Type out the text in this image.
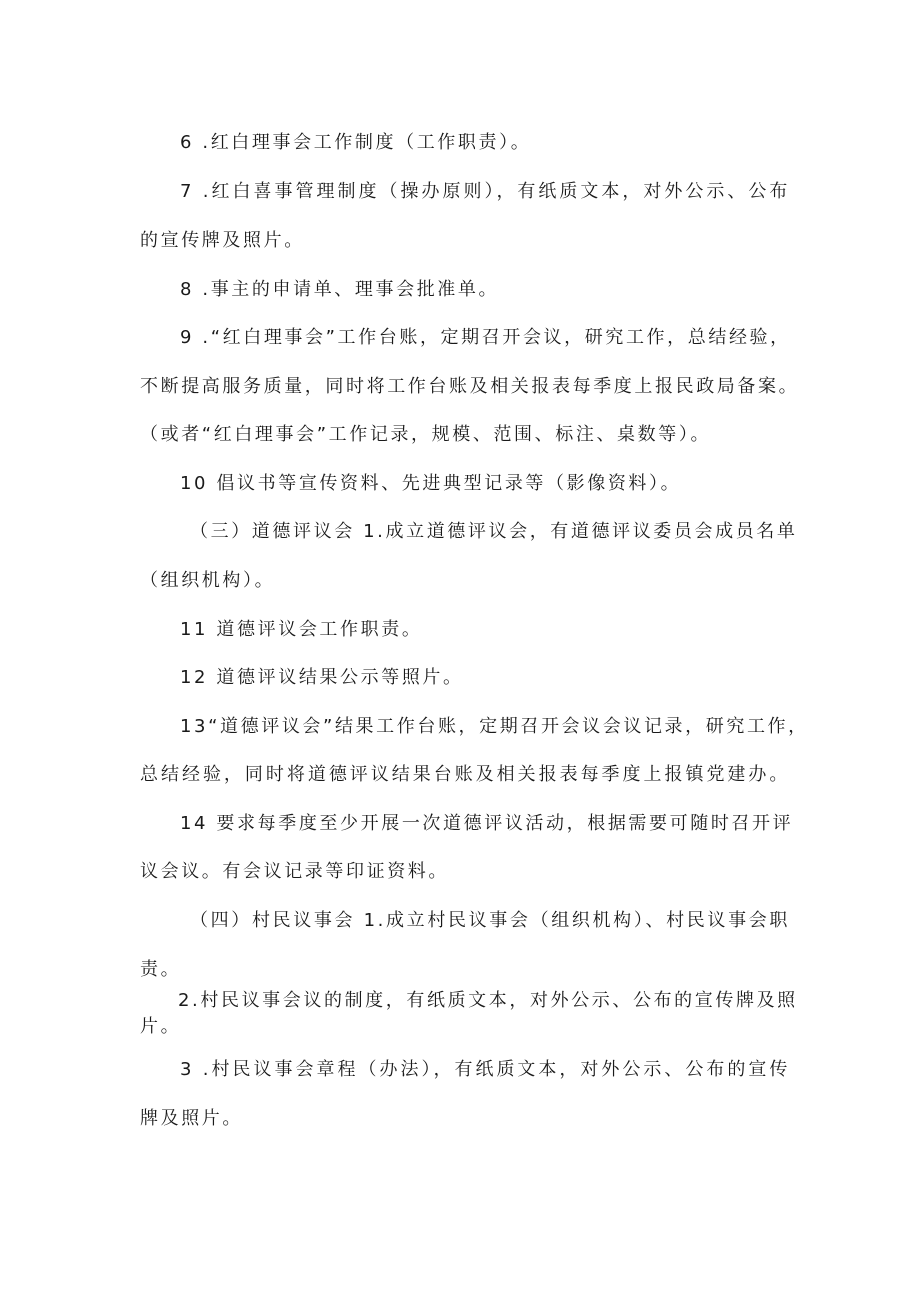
6 .红白理事会工作制度（工作职责）。
7 .红白喜事管理制度（操办原则），有纸质文本，对外公示、公布
的宣传牌及照片。
8 .事主的申请单、理事会批准单。
9 .“红白理事会”工作台账，定期召开会议，研究工作，总结经验，
不断提高服务质量，同时将工作台账及相关报表每季度上报民政局备案。
（或者“红白理事会”工作记录，规模、范围、标注、桌数等）。
10 倡议书等宣传资料、先进典型记录等（影像资料）。
（三）道德评议会 1.成立道德评议会，有道德评议委员会成员名单
（组织机构）。
11 道德评议会工作职责。
12 道德评议结果公示等照片。
13“道德评议会”结果工作台账，定期召开会议会议记录，研究工作，
总结经验，同时将道德评议结果台账及相关报表每季度上报镇党建办。
14 要求每季度至少开展一次道德评议活动，根据需要可随时召开评
议会议。有会议记录等印证资料。
（四）村民议事会 1.成立村民议事会（组织机构）、村民议事会职
责。
2.村民议事会议的制度，有纸质文本，对外公示、公布的宣传牌及照
片。
3 .村民议事会章程（办法），有纸质文本，对外公示、公布的宣传
牌及照片。
